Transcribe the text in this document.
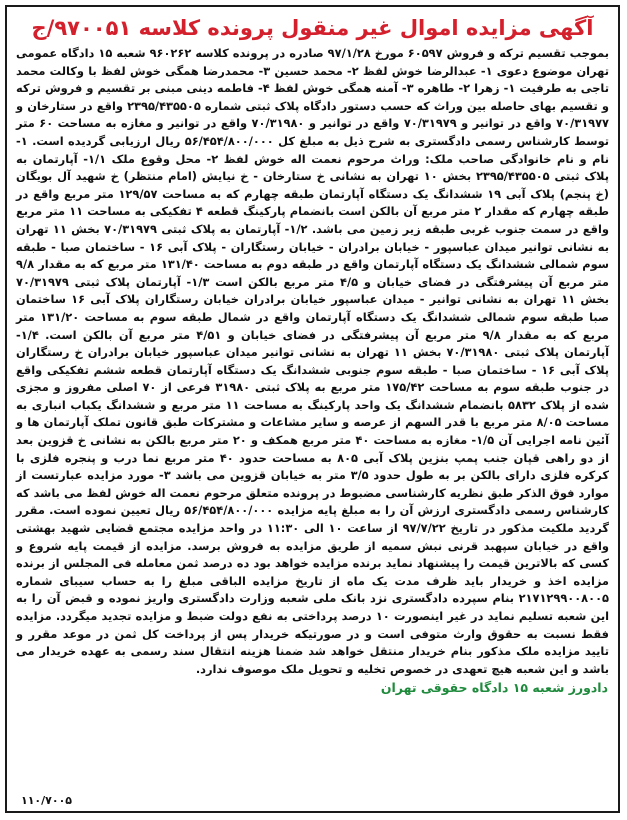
آگهی مزایده اموال غیر منقول پرونده کلاسه ۹۷۰۰۵۱/ج
بموجب تقسیم ترکه و فروش ۶۰۵۹۷ مورخ ۹۷/۱/۲۸ صادره در پرونده کلاسه ۹۶۰۲۶۲ شعبه ۱۵ دادگاه عمومی تهران موضوع دعوی ۱- عبدالرضا خوش لفظ ۲- محمد حسین ۳- محمدرضا همگی خوش لفظ با وکالت محمد تاجی به طرفیت ۱- زهرا ۲- طاهره ۳- آمنه همگی خوش لفظ ۴- فاطمه دینی مبنی بر تقسیم و فروش ترکه و تقسیم بهای حاصله بین وراث که حسب دستور دادگاه پلاک ثبتی شماره ۲۳۹۵/۴۳۵۵۰۵ واقع در ستارخان و ۷۰/۳۱۹۷۷ واقع در توانیر و ۷۰/۳۱۹۷۹ واقع در توانیر و ۷۰/۳۱۹۸۰ واقع در توانیر و مغازه به مساحت ۶۰ متر توسط کارشناس رسمی دادگستری به شرح ذیل به مبلغ کل ۵۶/۴۵۴/۸۰۰/۰۰۰ ریال ارزیابی گردیده است. ۱- نام و نام خانوادگی صاحب ملک: وراث مرحوم نعمت اله خوش لفظ ۲- محل وقوع ملک ۱/۱- آپارتمان به پلاک ثبتی ۲۳۹۵/۴۳۵۵۰۵ بخش ۱۰ تهران به نشانی خ ستارخان - خ نیایش (امام منتظر) خ شهید آل بویگان (خ پنجم) پلاک آبی ۱۹ ششدانگ یک دستگاه آپارتمان طبقه چهارم که به مساحت ۱۲۹/۵۷ متر مربع واقع در طبقه چهارم که مقدار ۲ متر مربع آن بالکن است بانضمام پارکینگ قطعه ۴ تفکیکی به مساحت ۱۱ متر مربع واقع در سمت جنوب غربی طبقه زیر زمین می باشد. ۱/۲- آپارتمان به پلاک ثبتی ۷۰/۳۱۹۷۹ بخش ۱۱ تهران به نشانی توانیر میدان عباسپور - خیابان برادران - خیابان رستگاران - پلاک آبی ۱۶ - ساختمان صبا - طبقه سوم شمالی ششدانگ یک دستگاه آپارتمان واقع در طبقه دوم به مساحت ۱۳۱/۴۰ متر مربع که به مقدار ۹/۸ متر مربع آن پیشرفتگی در فضای خیابان و ۴/۵ متر مربع بالکن است ۱/۳- آپارتمان پلاک ثبتی ۷۰/۳۱۹۷۹ بخش ۱۱ تهران به نشانی توانیر - میدان عباسپور خیابان برادران خیابان رستگاران پلاک آبی ۱۶ ساختمان صبا طبقه سوم شمالی ششدانگ یک دستگاه آپارتمان واقع در شمال طبقه سوم به مساحت ۱۳۱/۲۰ متر مربع که به مقدار ۹/۸ متر مربع آن پیشرفتگی در فضای خیابان و ۴/۵۱ متر مربع آن بالکن است. ۱/۴- آپارتمان پلاک ثبتی ۷۰/۳۱۹۸۰ بخش ۱۱ تهران به نشانی توانیر میدان عباسپور خیابان برادران خ رستگاران پلاک آبی ۱۶ - ساختمان صبا - طبقه سوم جنوبی ششدانگ یک دستگاه آپارتمان قطعه ششم تفکیکی واقع در جنوب طبقه سوم به مساحت ۱۷۵/۴۲ متر مربع به پلاک ثبتی ۳۱۹۸۰ فرعی از ۷۰ اصلی مفروز و مجزی شده از پلاک ۵۸۳۲ بانضمام ششدانگ یک واحد پارکینگ به مساحت ۱۱ متر مربع و ششدانگ یکباب انباری به مساحت ۸/۰۵ متر مربع با قدر السهم از عرصه و سایر مشاعات و مشترکات طبق قانون تملک آپارتمان ها و آئین نامه اجرایی آن ۱/۵- مغازه به مساحت ۴۰ متر مربع همکف و ۲۰ متر مربع بالکن به نشانی خ قزوین بعد از دو راهی قپان جنب پمپ بنزین پلاک آبی ۸۰۵ به مساحت حدود ۴۰ متر مربع نما درب و پنجره فلزی با کرکره فلزی دارای بالکن بر به طول حدود ۳/۵ متر به خیابان قزوین می باشد ۳- مورد مزایده عبارتست از موارد فوق الذکر طبق نظریه کارشناسی مضبوط در پرونده متعلق مرحوم نعمت اله خوش لفظ می باشد که کارشناس رسمی دادگستری ارزش آن را به مبلغ پایه مزایده ۵۶/۴۵۴/۸۰۰/۰۰۰ ریال تعیین نموده است. مقرر گردید ملکیت مذکور در تاریخ ۹۷/۷/۲۲ از ساعت ۱۰ الی ۱۱:۳۰ در واحد مزایده مجتمع قضایی شهید بهشتی واقع در خیابان سپهبد قرنی نبش سمیه از طریق مزایده به فروش برسد. مزایده از قیمت پایه شروع و کسی که بالاترین قیمت را پیشنهاد نماید برنده مزایده خواهد بود ده درصد ثمن معامله فی المجلس از برنده مزایده اخذ و خریدار باید ظرف مدت یک ماه از تاریخ مزایده الباقی مبلغ را به حساب سیبای شماره ۲۱۷۱۲۹۹۰۰۸۰۰۵ بنام سپرده دادگستری نزد بانک ملی شعبه وزارت دادگستری واریز نموده و قبض آن را به این شعبه تسلیم نماید در غیر اینصورت ۱۰ درصد پرداختی به نفع دولت ضبط و مزایده تجدید میگردد. مزایده فقط نسبت به حقوق وارث متوفی است و در صورتیکه خریدار پس از پرداخت کل ثمن در موعد مقرر و تایید مزایده ملک مذکور بنام خریدار منتقل خواهد شد ضمنا هزینه انتقال سند رسمی به عهده خریدار می باشد و این شعبه هیچ تعهدی در خصوص تخلیه و تحویل ملک موصوف ندارد.
دادورز شعبه ۱۵ دادگاه حقوقی تهران
۱۱۰/۷۰۰۵
